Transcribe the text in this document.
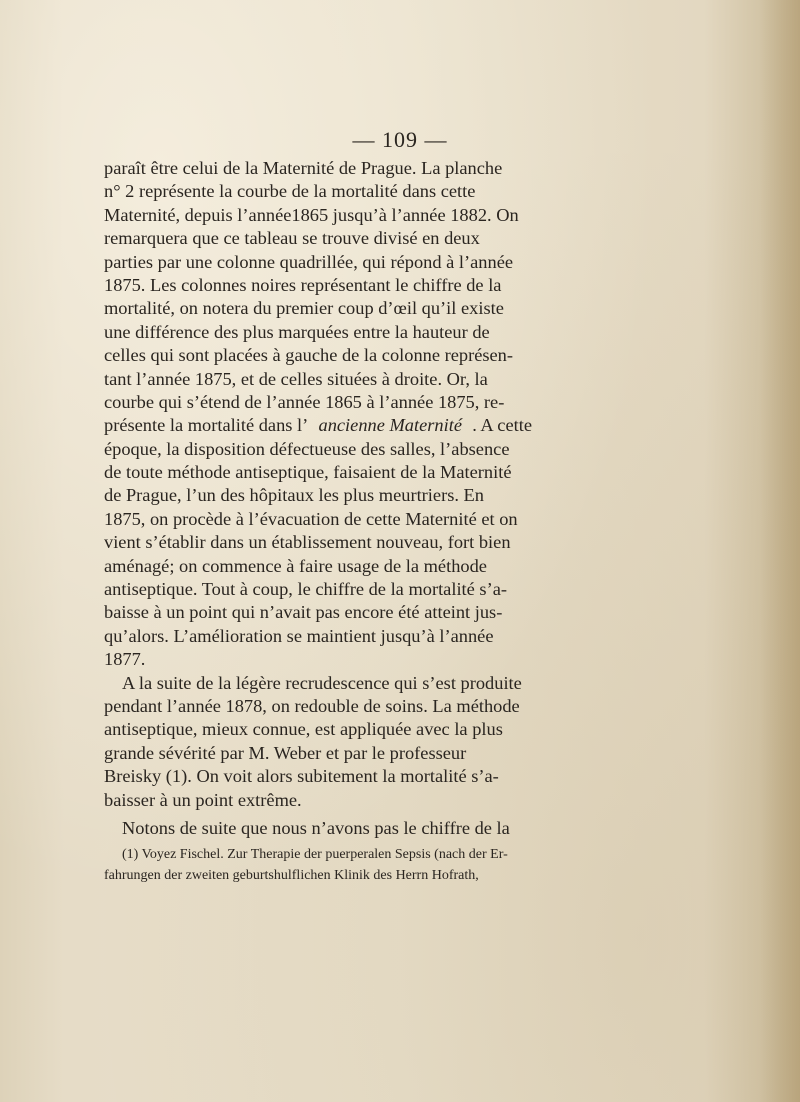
— 109 —
paraît être celui de la Maternité de Prague. La planche
n° 2 représente la courbe de la mortalité dans cette
Maternité, depuis l’année1865 jusqu’à l’année 1882. On
remarquera que ce tableau se trouve divisé en deux
parties par une colonne quadrillée, qui répond à l’année
1875. Les colonnes noires représentant le chiffre de la
mortalité, on notera du premier coup d’œil qu’il existe
une différence des plus marquées entre la hauteur de
celles qui sont placées à gauche de la colonne représen-
tant l’année 1875, et de celles situées à droite. Or, la
courbe qui s’étend de l’année 1865 à l’année 1875, re-
présente la mortalité dans l’ ancienne Maternité . A cette
époque, la disposition défectueuse des salles, l’absence
de toute méthode antiseptique, faisaient de la Maternité
de Prague, l’un des hôpitaux les plus meurtriers. En
1875, on procède à l’évacuation de cette Maternité et on
vient s’établir dans un établissement nouveau, fort bien
aménagé; on commence à faire usage de la méthode
antiseptique. Tout à coup, le chiffre de la mortalité s’a-
baisse à un point qui n’avait pas encore été atteint jus-
qu’alors. L’amélioration se maintient jusqu’à l’année
1877.
A la suite de la légère recrudescence qui s’est produite
pendant l’année 1878, on redouble de soins. La méthode
antiseptique, mieux connue, est appliquée avec la plus
grande sévérité par M. Weber et par le professeur
Breisky (1). On voit alors subitement la mortalité s’a-
baisser à un point extrême.
Notons de suite que nous n’avons pas le chiffre de la
(1) Voyez Fischel. Zur Therapie der puerperalen Sepsis (nach der Er-
fahrungen der zweiten geburtshulflichen Klinik des Herrn Hofrath,
